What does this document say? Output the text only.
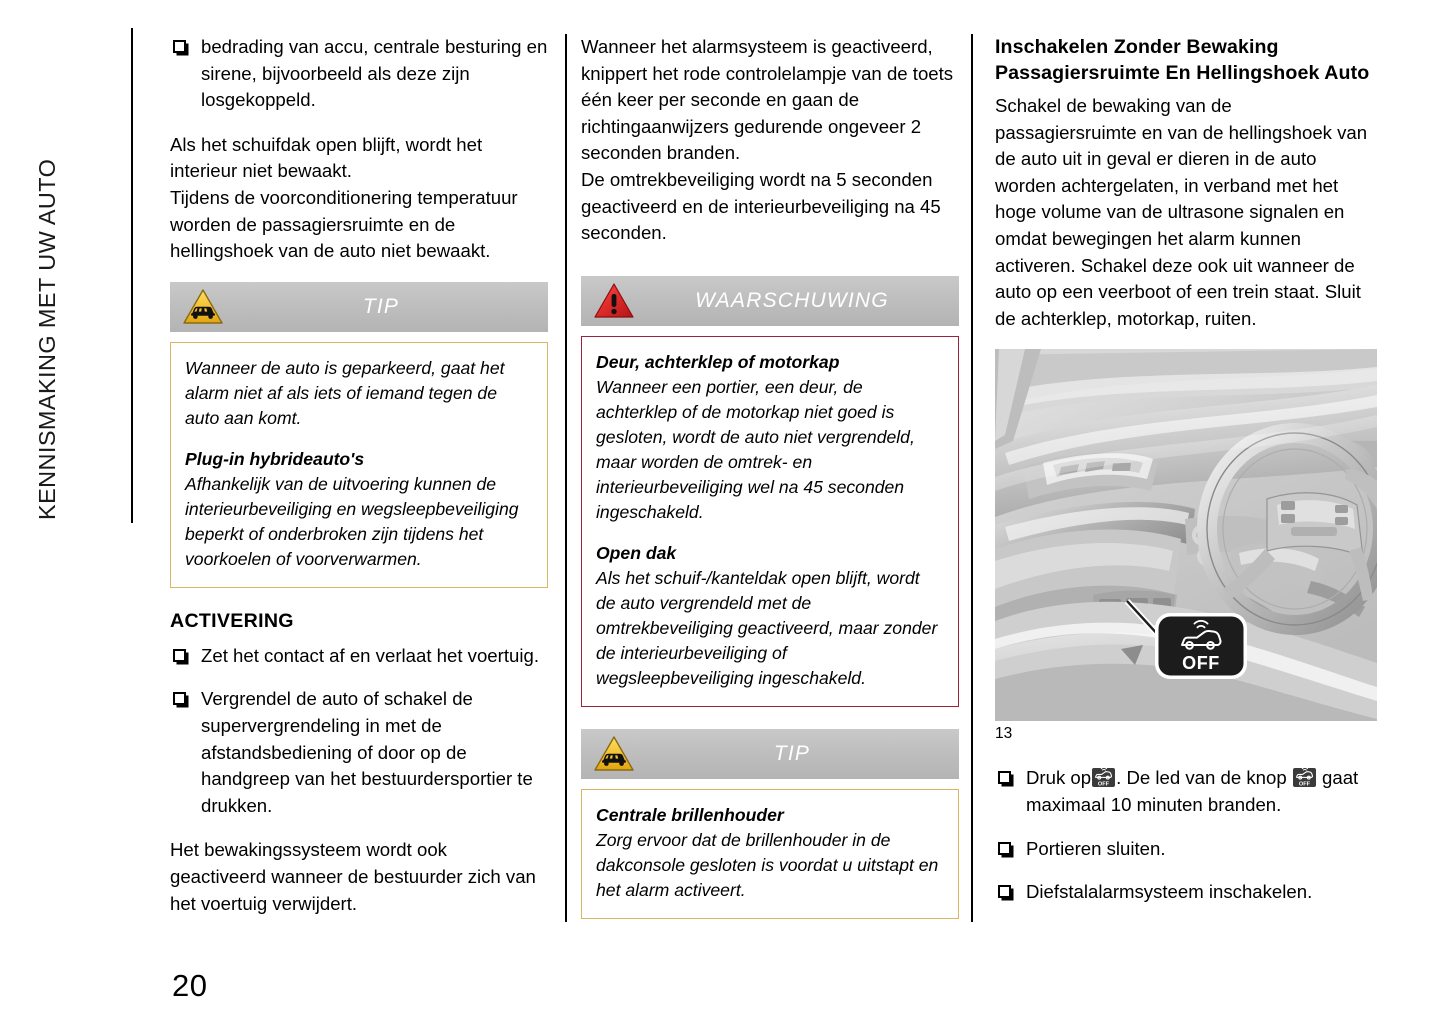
KENNISMAKING MET UW AUTO
bedrading van accu, centrale besturing en sirene, bijvoorbeeld als deze zijn losgekoppeld.

Als het schuifdak open blijft, wordt het interieur niet bewaakt.

Tijdens de voorconditionering temperatuur worden de passagiersruimte en de hellingshoek van de auto niet bewaakt.

TIP

Wanneer de auto is geparkeerd, gaat het alarm niet af als iets of iemand tegen de auto aan komt.

Plug-in hybrideauto's

Afhankelijk van de uitvoering kunnen de interieurbeveiliging en wegsleepbeveiliging beperkt of onderbroken zijn tijdens het voorkoelen of voorverwarmen.

ACTIVERING
Zet het contact af en verlaat het voertuig.
Vergrendel de auto of schakel de supervergrendeling in met de afstandsbediening of door op de handgreep van het bestuurdersportier te drukken.

Het bewakingssysteem wordt ook geactiveerd wanneer de bestuurder zich van het voertuig verwijdert.

Wanneer het alarmsysteem is geactiveerd, knippert het rode controlelampje van de toets één keer per seconde en gaan de richtingaanwijzers gedurende ongeveer 2 seconden branden.

De omtrekbeveiliging wordt na 5 seconden geactiveerd en de interieurbeveiliging na 45 seconden.

WAARSCHUWING
Deur, achterklep of motorkap

Wanneer een portier, een deur, de achterklep of de motorkap niet goed is gesloten, wordt de auto niet vergrendeld, maar worden de omtrek- en interieurbeveiliging wel na 45 seconden ingeschakeld.

Open dak

Als het schuif-/kanteldak open blijft, wordt de auto vergrendeld met de omtrekbeveiliging geactiveerd, maar zonder de interieurbeveiliging of wegsleepbeveiliging ingeschakeld.

TIP
Centrale brillenhouder

Zorg ervoor dat de brillenhouder in de dakconsole gesloten is voordat u uitstapt en het alarm activeert.

Inschakelen Zonder Bewaking Passagiersruimte En Hellingshoek Auto

Schakel de bewaking van de passagiersruimte en van de hellingshoek van de auto uit in geval er dieren in de auto worden achtergelaten, in verband met het hoge volume van de ultrasone signalen en omdat bewegingen het alarm kunnen activeren. Schakel deze ook uit wanneer de auto op een veerboot of een trein staat. Sluit de achterklep, motorkap, ruiten.

OFF
13
Druk op OFF . De led van de knop OFF gaat maximaal 10 minuten branden.
Portieren sluiten.
Diefstalalarmsysteem inschakelen.
20
